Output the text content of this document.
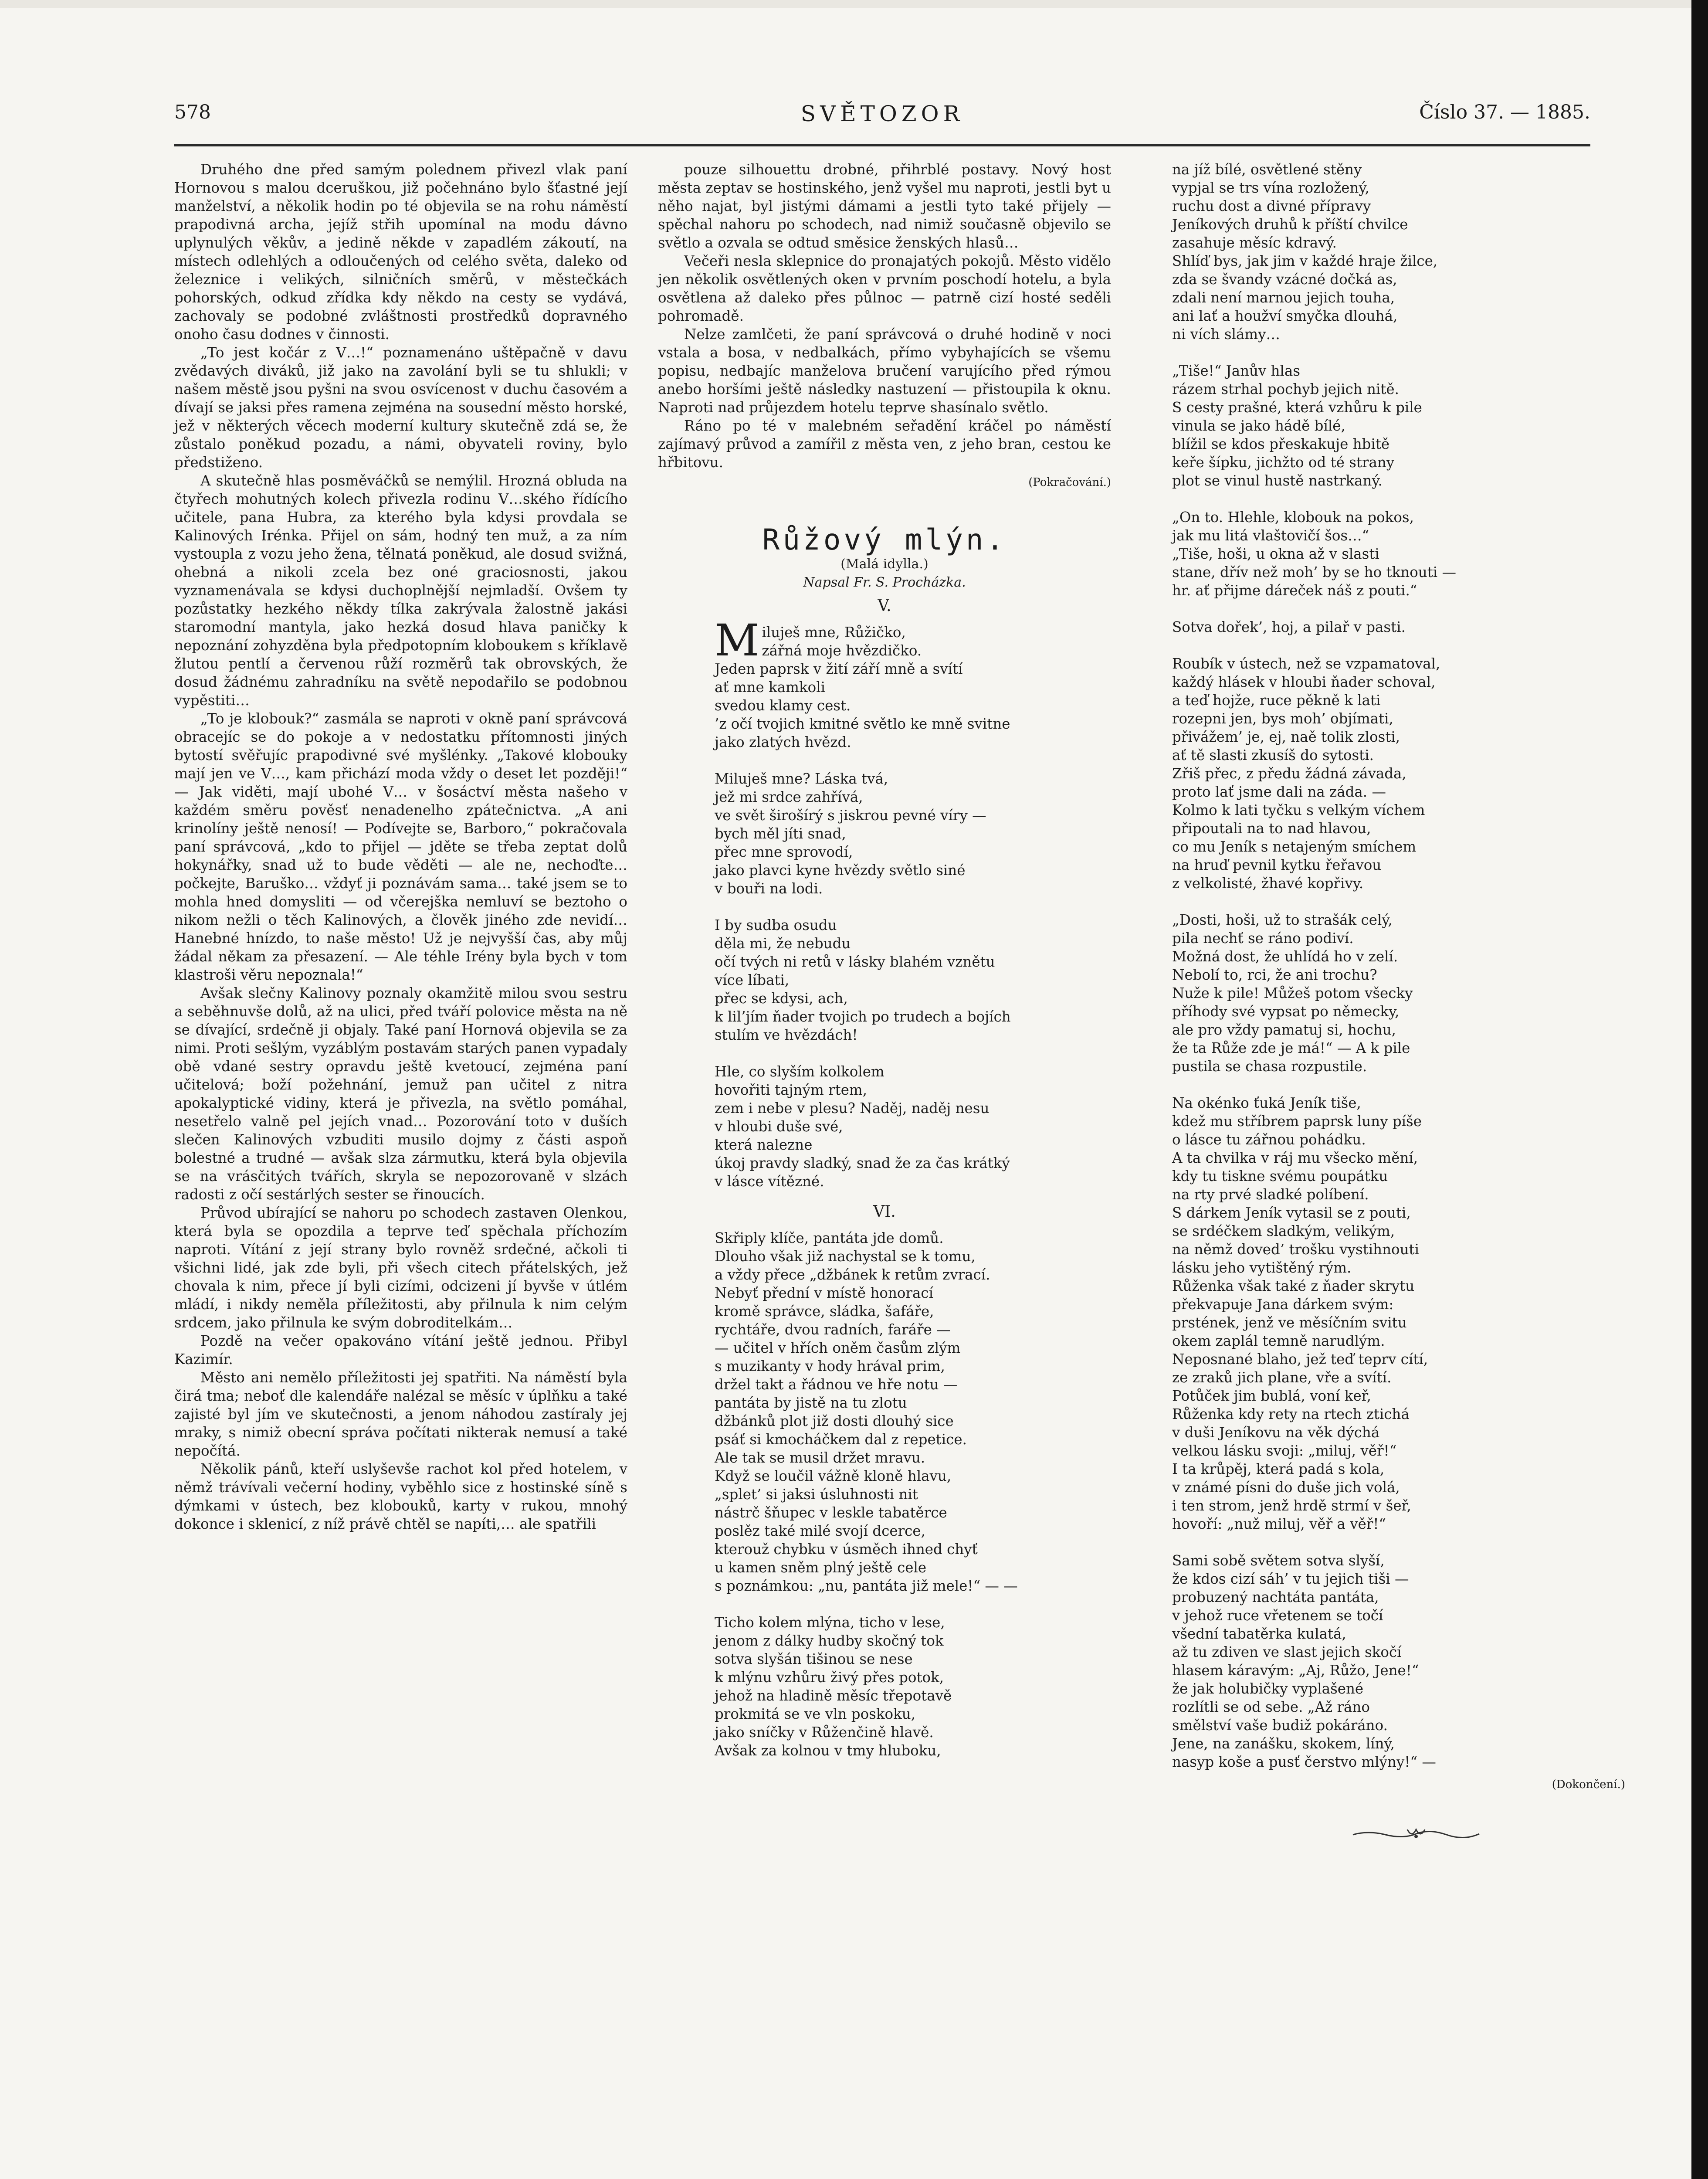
578	SVĚTOZOR	Číslo 37. — 1885.

Druhého dne před samým polednem přivezl vlak paní Hornovou s malou dceruškou, již počehnáno bylo šťastné její manželství, a několik hodin po té objevila se na rohu náměstí prapodivná archa, jejíž střih upomínal na modu dávno uplynulých věkův, a jedině někde v zapadlém zákoutí, na místech odlehlých a odloučených od celého světa, daleko od železnice i velikých, silničních směrů, v městečkách pohorských, odkud zřídka kdy někdo na cesty se vydává, zachovaly se podobné zvláštnosti prostředků dopravného onoho času dodnes v činnosti.

„To jest kočár z V…!“ poznamenáno uštěpačně v davu zvědavých diváků, již jako na zavolání byli se tu shlukli; v našem městě jsou pyšni na svou osvícenost v duchu časovém a dívají se jaksi přes ramena zejména na sousední město horské, jež v některých věcech moderní kultury skutečně zdá se, že zůstalo poněkud pozadu, a námi, obyvateli roviny, bylo předstiženo.

A skutečně hlas posměváčků se nemýlil. Hrozná obluda na čtyřech mohutných kolech přivezla rodinu V…ského řídícího učitele, pana Hubra, za kterého byla kdysi provdala se Kalinových Irénka. Přijel on sám, hodný ten muž, a za ním vystoupla z vozu jeho žena, tělnatá poněkud, ale dosud svižná, ohebná a nikoli zcela bez oné graciosnosti, jakou vyznamenávala se kdysi duchoplnější nejmladší. Ovšem ty pozůstatky hezkého někdy tílka zakrývala žalostně jakási staromodní mantyla, jako hezká dosud hlava paničky k nepoznání zohyzděna byla předpotopním kloboukem s kříklavě žlutou pentlí a červenou růží rozměrů tak obrovských, že dosud žádnému zahradníku na světě nepodařilo se podobnou vypěstiti…

„To je klobouk?“ zasmála se naproti v okně paní správcová obracejíc se do pokoje a v nedostatku přítomnosti jiných bytostí svěřujíc prapodivné své myšlénky. „Takové klobouky mají jen ve V…, kam přichází moda vždy o deset let později!“ — Jak viděti, mají ubohé V… v šosáctví města našeho v každém směru pověsť nenadenelho zpátečnictva. „A ani krinolíny ještě nenosí! — Podívejte se, Barboro,“ pokračovala paní správcová, „kdo to přijel — jděte se třeba zeptat dolů hokynářky, snad už to bude věděti — ale ne, nechoďte… počkejte, Baruško… vždyť ji poznávám sama… také jsem se to mohla hned domysliti — od včerejška nemluví se beztoho o nikom nežli o těch Kalinových, a člověk jiného zde nevidí… Hanebné hnízdo, to naše město! Už je nejvyšší čas, aby můj žádal někam za přesazení. — Ale téhle Irény byla bych v tom klastroši věru nepoznala!“

Avšak slečny Kalinovy poznaly okamžitě milou svou sestru a seběhnuvše dolů, až na ulici, před tváří polovice města na ně se dívající, srdečně ji objaly. Také paní Hornová objevila se za nimi. Proti sešlým, vyzáblým postavám starých panen vypadaly obě vdané sestry opravdu ještě kvetoucí, zejména paní učitelová; boží požehnání, jemuž pan učitel z nitra apokalyptické vidiny, která je přivezla, na světlo pomáhal, nesetřelo valně pel jejích vnad… Pozorování toto v duších slečen Kalinových vzbuditi musilo dojmy z části aspoň bolestné a trudné — avšak slza zármutku, která byla objevila se na vrásčitých tvářích, skryla se nepozorovaně v slzách radosti z očí sestárlých sester se řinoucích.

Průvod ubírající se nahoru po schodech zastaven Olenkou, která byla se opozdila a teprve teď spěchala příchozím naproti. Vítání z její strany bylo rovněž srdečné, ačkoli ti všichni lidé, jak zde byli, při všech citech přátelských, jež chovala k nim, přece jí byli cizími, odcizeni jí byvše v útlém mládí, i nikdy neměla příležitosti, aby přilnula k nim celým srdcem, jako přilnula ke svým dobroditelkám…

Pozdě na večer opakováno vítání ještě jednou. Přibyl Kazimír.

Město ani nemělo příležitosti jej spatřiti. Na náměstí byla čirá tma; neboť dle kalendáře nalézal se měsíc v úplňku a také zajisté byl jím ve skutečnosti, a jenom náhodou zastíraly jej mraky, s nimiž obecní správa počítati nikterak nemusí a také nepočítá.

Několik pánů, kteří uslyševše rachot kol před hotelem, v němž trávívali večerní hodiny, vyběhlo sice z hostinské síně s dýmkami v ústech, bez klobouků, karty v rukou, mnohý dokonce i sklenicí, z níž právě chtěl se napíti,… ale spatřili

pouze silhouettu drobné, přihrblé postavy. Nový host města zeptav se hostinského, jenž vyšel mu naproti, jestli byt u něho najat, byl jistými dámami a jestli tyto také přijely — spěchal nahoru po schodech, nad nimiž současně objevilo se světlo a ozvala se odtud směsice ženských hlasů…

Večeři nesla sklepnice do pronajatých pokojů. Město vidělo jen několik osvětlených oken v prvním poschodí hotelu, a byla osvětlena až daleko přes půlnoc — patrně cizí hosté seděli pohromadě.

Nelze zamlčeti, že paní správcová o druhé hodině v noci vstala a bosa, v nedbalkách, přímo vybyhajících se všemu popisu, nedbajíc manželova bručení varujícího před rýmou anebo horšími ještě následky nastuzení — přistoupila k oknu. Naproti nad průjezdem hotelu teprve shasínalo světlo.

Ráno po té v malebném seřadění kráčel po náměstí zajímavý průvod a zamířil z města ven, z jeho bran, cestou ke hřbitovu.

(Pokračování.)
Růžový mlýn.
(Malá idylla.)
Napsal Fr. S. Procházka.
V.
Miluješ mne, Růžičko,
zářná moje hvězdičko.
Jeden paprsk v žití září mně a svítí
ať mne kamkoli
svedou klamy cest.
’z očí tvojich kmitné světlo ke mně svitne
jako zlatých hvězd.
Miluješ mne? Láska tvá,
jež mi srdce zahřívá,
ve svět širošírý s jiskrou pevné víry —
bych měl jíti snad,
přec mne sprovodí,
jako plavci kyne hvězdy světlo siné
v bouři na lodi.
I by sudba osudu
děla mi, že nebudu
očí tvých ni retů v lásky blahém vznětu
více líbati,
přec se kdysi, ach,
k lil’jím ňader tvojich po trudech a bojích
stulím ve hvězdách!
Hle, co slyším kolkolem
hovořiti tajným rtem,
zem i nebe v plesu? Naděj, naděj nesu
v hloubi duše své,
která nalezne
úkoj pravdy sladký, snad že za čas krátký
v lásce vítězné.
VI.
Skřiply klíče, pantáta jde domů.
Dlouho však již nachystal se k tomu,
a vždy přece „džbánek k retům zvrací.
Nebyť přední v místě honorací
kromě správce, sládka, šafáře,
rychtáře, dvou radních, faráře —
— učitel v hřích oněm časům zlým
s muzikanty v hody hrával prim,
držel takt a řádnou ve hře notu —
pantáta by jistě na tu zlotu
džbánků plot již dosti dlouhý sice
psáť si kmocháčkem dal z repetice.
Ale tak se musil držet mravu.
Když se loučil vážně kloně hlavu,
„splet’ si jaksi úsluhnosti nit
nástrč šňupec v leskle tabatěrce
poslěz také milé svojí dcerce,
kterouž chybku v úsměch ihned chyť
u kamen sněm plný ještě cele
s poznámkou: „nu, pantáta již mele!“ — —
Ticho kolem mlýna, ticho v lese,
jenom z dálky hudby skočný tok
sotva slyšán tišinou se nese
k mlýnu vzhůru živý přes potok,
jehož na hladině měsíc třepotavě
prokmitá se ve vln poskoku,
jako sníčky v Růženčině hlavě.
Avšak za kolnou v tmy hluboku,
na jíž bílé, osvětlené stěny
vypjal se trs vína rozložený,
ruchu dost a divné přípravy
Jeníkových druhů k příští chvilce
zasahuje měsíc kdravý.
Shlíď bys, jak jim v každé hraje žilce,
zda se švandy vzácné dočká as,
zdali není marnou jejich touha,
ani lať a houžví smyčka dlouhá,
ni vích slámy…
„Tiše!“ Janův hlas
rázem strhal pochyb jejich nitě.
S cesty prašné, která vzhůru k pile
vinula se jako hádě bílé,
blížil se kdos přeskakuje hbitě
keře šípku, jichžto od té strany
plot se vinul hustě nastrkaný.
„On to. Hlehle, klobouk na pokos,
jak mu litá vlaštovičí šos…“
„Tiše, hoši, u okna až v slasti
stane, dřív než moh’ by se ho tknouti —
hr. ať přijme dáreček náš z pouti.“
Sotva dořek’, hoj, a pilař v pasti.
Roubík v ústech, než se vzpamatoval,
každý hlásek v hloubi ňader schoval,
a teď hojže, ruce pěkně k lati
rozepni jen, bys moh’ objímati,
přivážem’ je, ej, naě tolik zlosti,
ať tě slasti zkusíš do sytosti.
Zřiš přec, z předu žádná závada,
proto lať jsme dali na záda. —
Kolmo k lati tyčku s velkým víchem
připoutali na to nad hlavou,
co mu Jeník s netajeným smíchem
na hruď pevnil kytku řeřavou
z velkolisté, žhavé kopřivy.
„Dosti, hoši, už to strašák celý,
pila nechť se ráno podiví.
Možná dost, že uhlídá ho v zelí.
Nebolí to, rci, že ani trochu?
Nuže k pile! Můžeš potom všecky
příhody své vypsat po německy,
ale pro vždy pamatuj si, hochu,
že ta Růže zde je má!“ — A k pile
pustila se chasa rozpustile.
Na okénko ťuká Jeník tiše,
kdež mu stříbrem paprsk luny píše
o lásce tu zářnou pohádku.
A ta chvilka v ráj mu všecko mění,
kdy tu tiskne svému poupátku
na rty prvé sladké políbení.
S dárkem Jeník vytasil se z pouti,
se srdéčkem sladkým, velikým,
na němž doved’ trošku vystihnouti
lásku jeho vytištěný rým.
Růženka však také z ňader skrytu
překvapuje Jana dárkem svým:
prstének, jenž ve měsíčním svitu
okem zaplál temně narudlým.
Neposnané blaho, jež teď teprv cítí,
ze zraků jich plane, vře a svítí.
Potůček jim bublá, voní keř,
Růženka kdy rety na rtech ztichá
v duši Jeníkovu na věk dýchá
velkou lásku svoji: „miluj, věř!“
I ta krůpěj, která padá s kola,
v známé písni do duše jich volá,
i ten strom, jenž hrdě strmí v šeř,
hovoří: „nuž miluj, věř a věř!“
Sami sobě světem sotva slyší,
že kdos cizí sáh’ v tu jejich tiši —
probuzený nachtáta pantáta,
v jehož ruce vřetenem se točí
všední tabatěrka kulatá,
až tu zdiven ve slast jejich skočí
hlasem káravým: „Aj, Růžo, Jene!“
že jak holubičky vyplašené
rozlítli se od sebe. „Až ráno
smělství vaše budiž pokáráno.
Jene, na zanášku, skokem, líný,
nasyp koše a pusť čerstvo mlýny!“ —
(Dokončení.)
